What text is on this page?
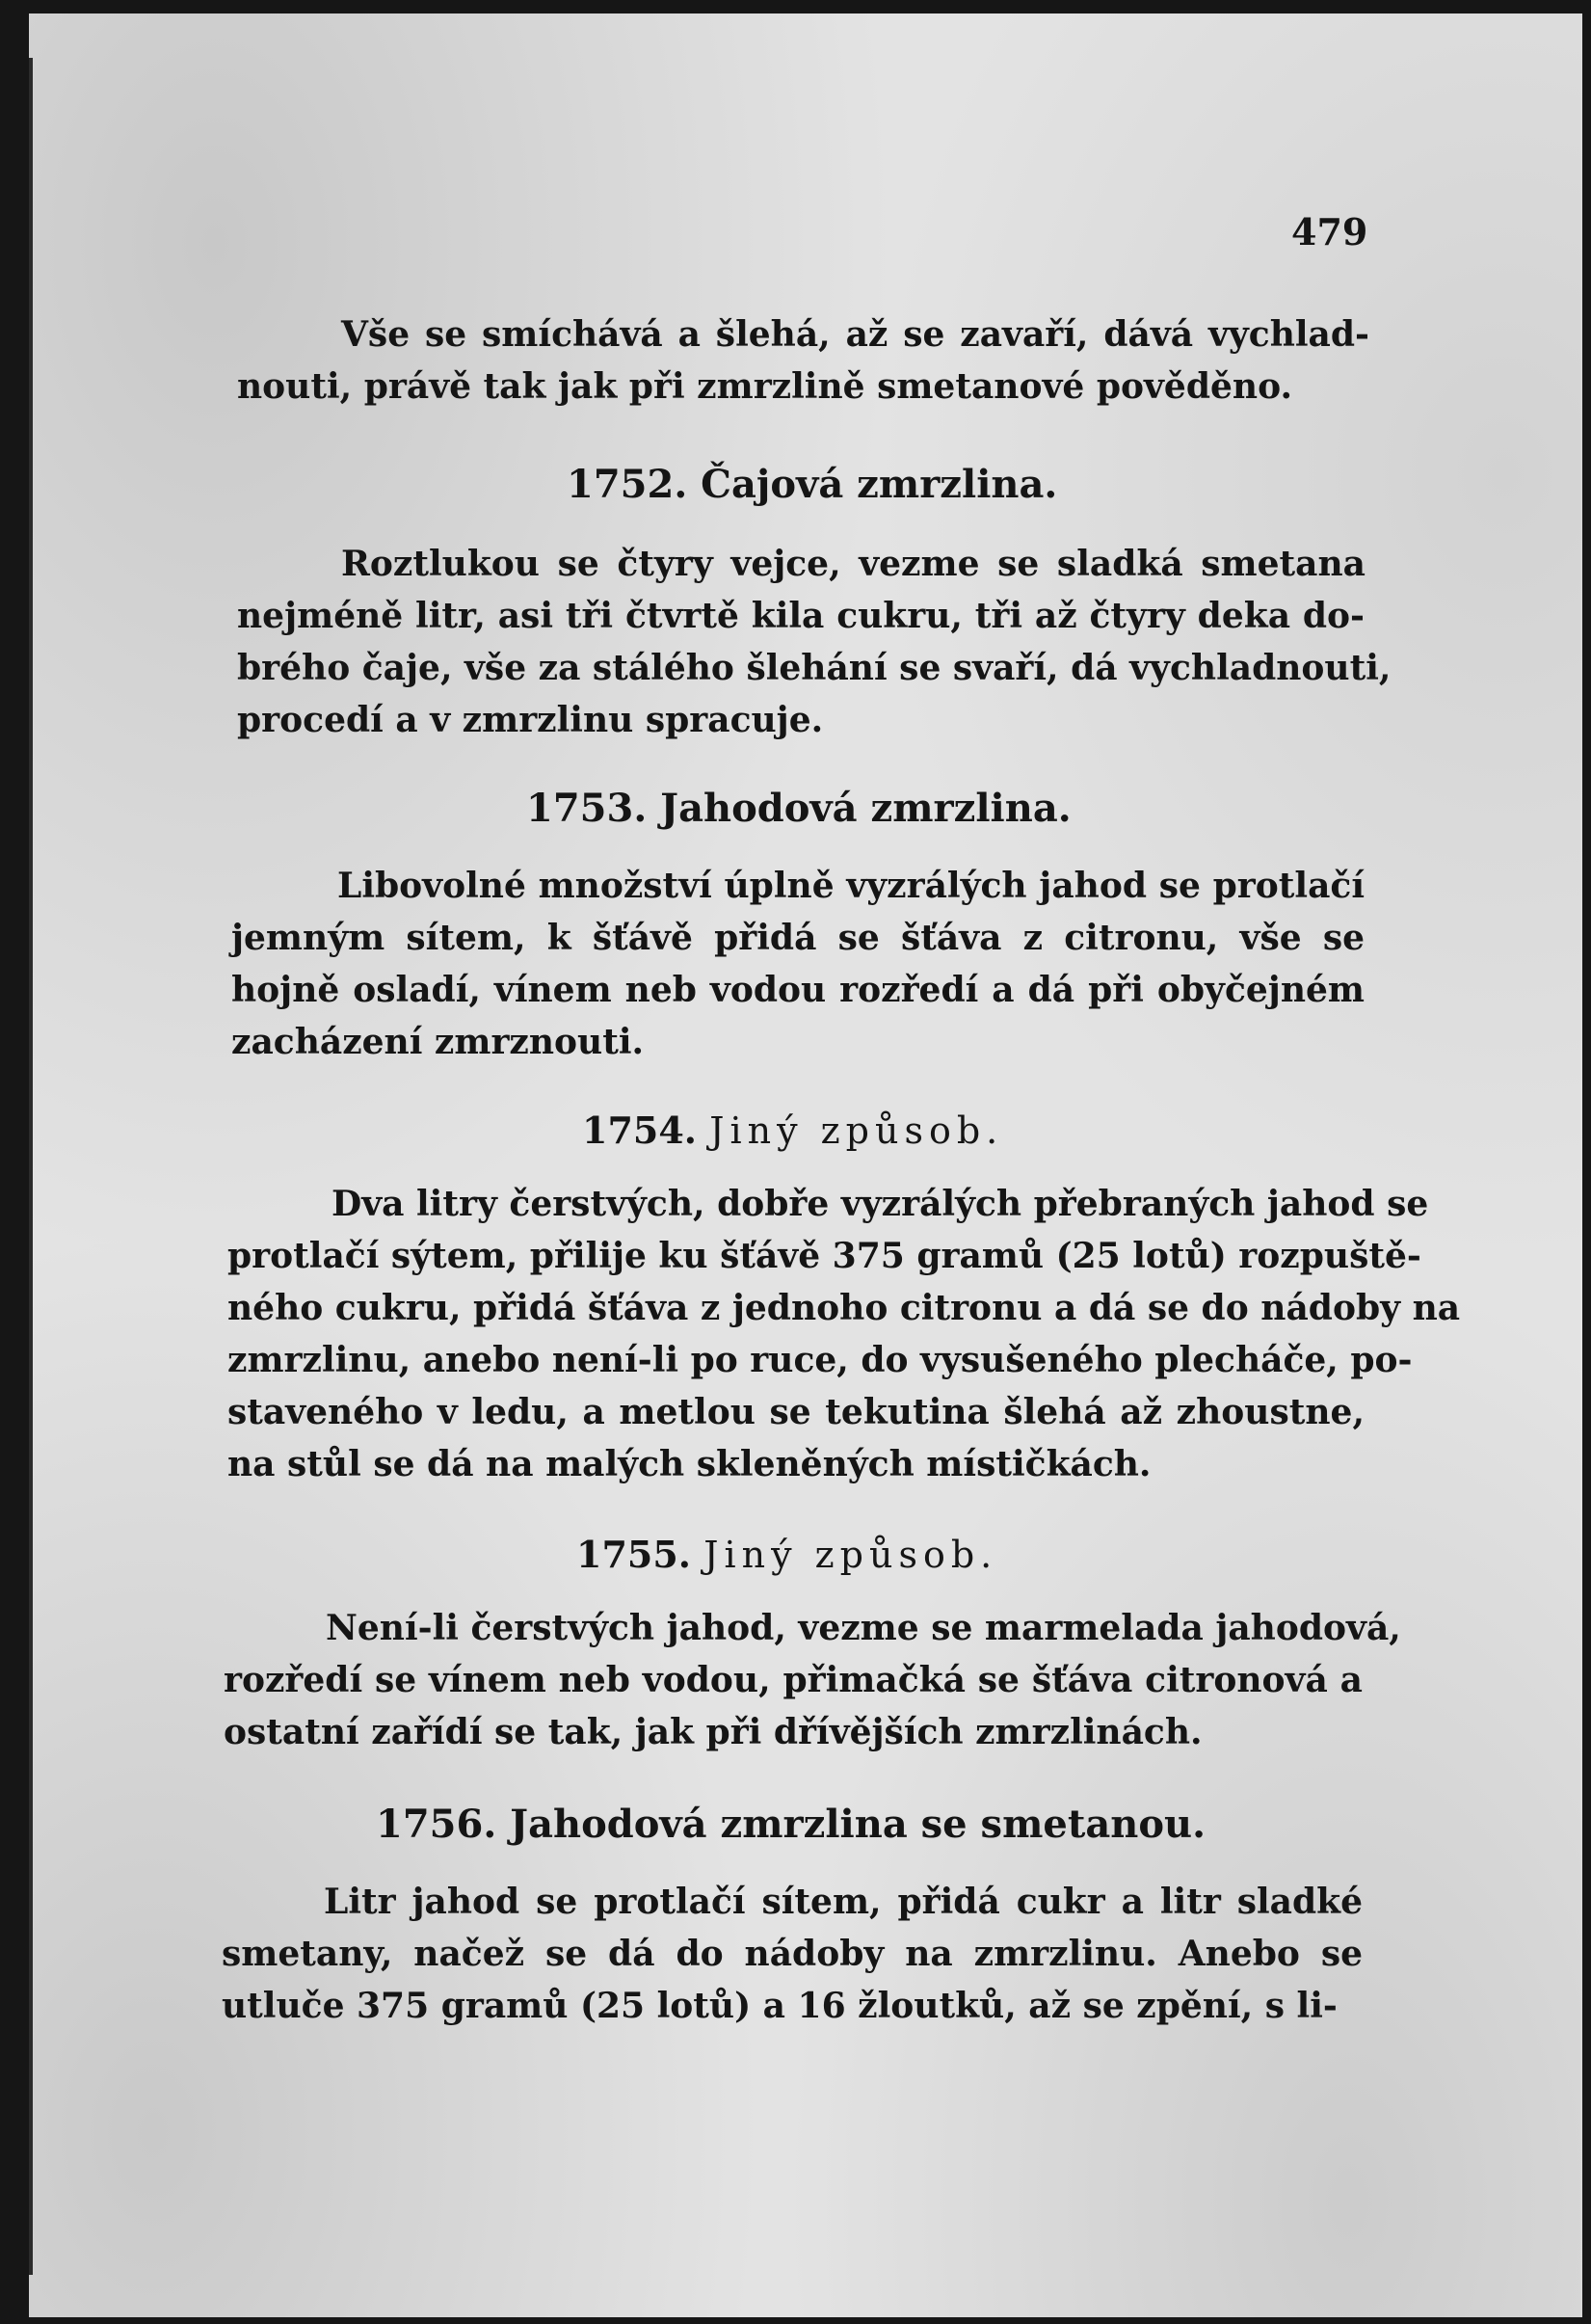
479
Vše se smíchává a šlehá, až se zavaří, dává vychlad-
nouti, právě tak jak při zmrzlině smetanové pověděno.
1752. Čajová zmrzlina.
Roztlukou se čtyry vejce, vezme se sladká smetana
nejméně litr, asi tři čtvrtě kila cukru, tři až čtyry deka do-
brého čaje, vše za stálého šlehání se svaří, dá vychladnouti,
procedí a v zmrzlinu spracuje.
1753. Jahodová zmrzlina.
Libovolné množství úplně vyzrálých jahod se protlačí
jemným sítem, k šťávě přidá se šťáva z citronu, vše se
hojně osladí, vínem neb vodou rozředí a dá při obyčejném
zacházení zmrznouti.
1754. Jiný způsob.
Dva litry čerstvých, dobře vyzrálých přebraných jahod se
protlačí sýtem, přilije ku šťávě 375 gramů (25 lotů) rozpuště-
ného cukru, přidá šťáva z jednoho citronu a dá se do nádoby na
zmrzlinu, anebo není-li po ruce, do vysušeného plecháče, po-
staveného v ledu, a metlou se tekutina šlehá až zhoustne,
na stůl se dá na malých skleněných místičkách.
1755. Jiný způsob.
Není-li čerstvých jahod, vezme se marmelada jahodová,
rozředí se vínem neb vodou, přimačká se šťáva citronová a
ostatní zařídí se tak, jak při dřívějších zmrzlinách.
1756. Jahodová zmrzlina se smetanou.
Litr jahod se protlačí sítem, přidá cukr a litr sladké
smetany, načež se dá do nádoby na zmrzlinu. Anebo se
utluče 375 gramů (25 lotů) a 16 žloutků, až se zpění, s li-
